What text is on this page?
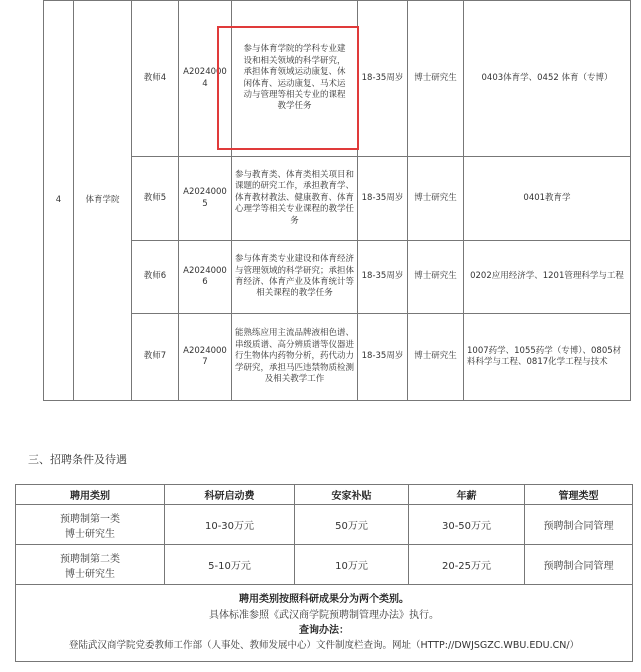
4	体育学院	教师4	A20240004	参与体育学院的学科专业建设和相关领域的科学研究，承担体育领域运动康复、休闲体育、运动康复、马术运动与管理等相关专业的课程教学任务	18-35周岁	博士研究生	0403体育学、0452 体育（专博）
		教师5	A20240005	参与教育类、体育类相关项目和课题的研究工作，承担教育学、体育教材教法、健康教育、体育心理学等相关专业课程的教学任务	18-35周岁	博士研究生	0401教育学
		教师6	A20240006	参与体育类专业建设和体育经济与管理领域的科学研究；承担体育经济、体育产业及体育统计等相关课程的教学任务	18-35周岁	博士研究生	0202应用经济学、1201管理科学与工程
		教师7	A20240007	能熟练应用主流品牌液相色谱、串级质谱、高分辨质谱等仪器进行生物体内药物分析，药代动力学研究，承担马匹违禁物质检测及相关教学工作	18-35周岁	博士研究生	1007药学、1055药学（专博）、0805材料科学与工程、0817化学工程与技术
三、招聘条件及待遇
聘用类别	科研启动费	安家补贴	年薪	管理类型

预聘制第一类
博士研究生	10-30万元	50万元	30-50万元	预聘制合同管理

预聘制第二类
博士研究生	5-10万元	10万元	20-25万元	预聘制合同管理

聘用类别按照科研成果分为两个类别。
具体标准参照《武汉商学院预聘制管理办法》执行。
查询办法：
登陆武汉商学院党委教师工作部（人事处、教师发展中心）文件制度栏查询。网址（HTTP://DWJSGZC.WBU.EDU.CN/）				
